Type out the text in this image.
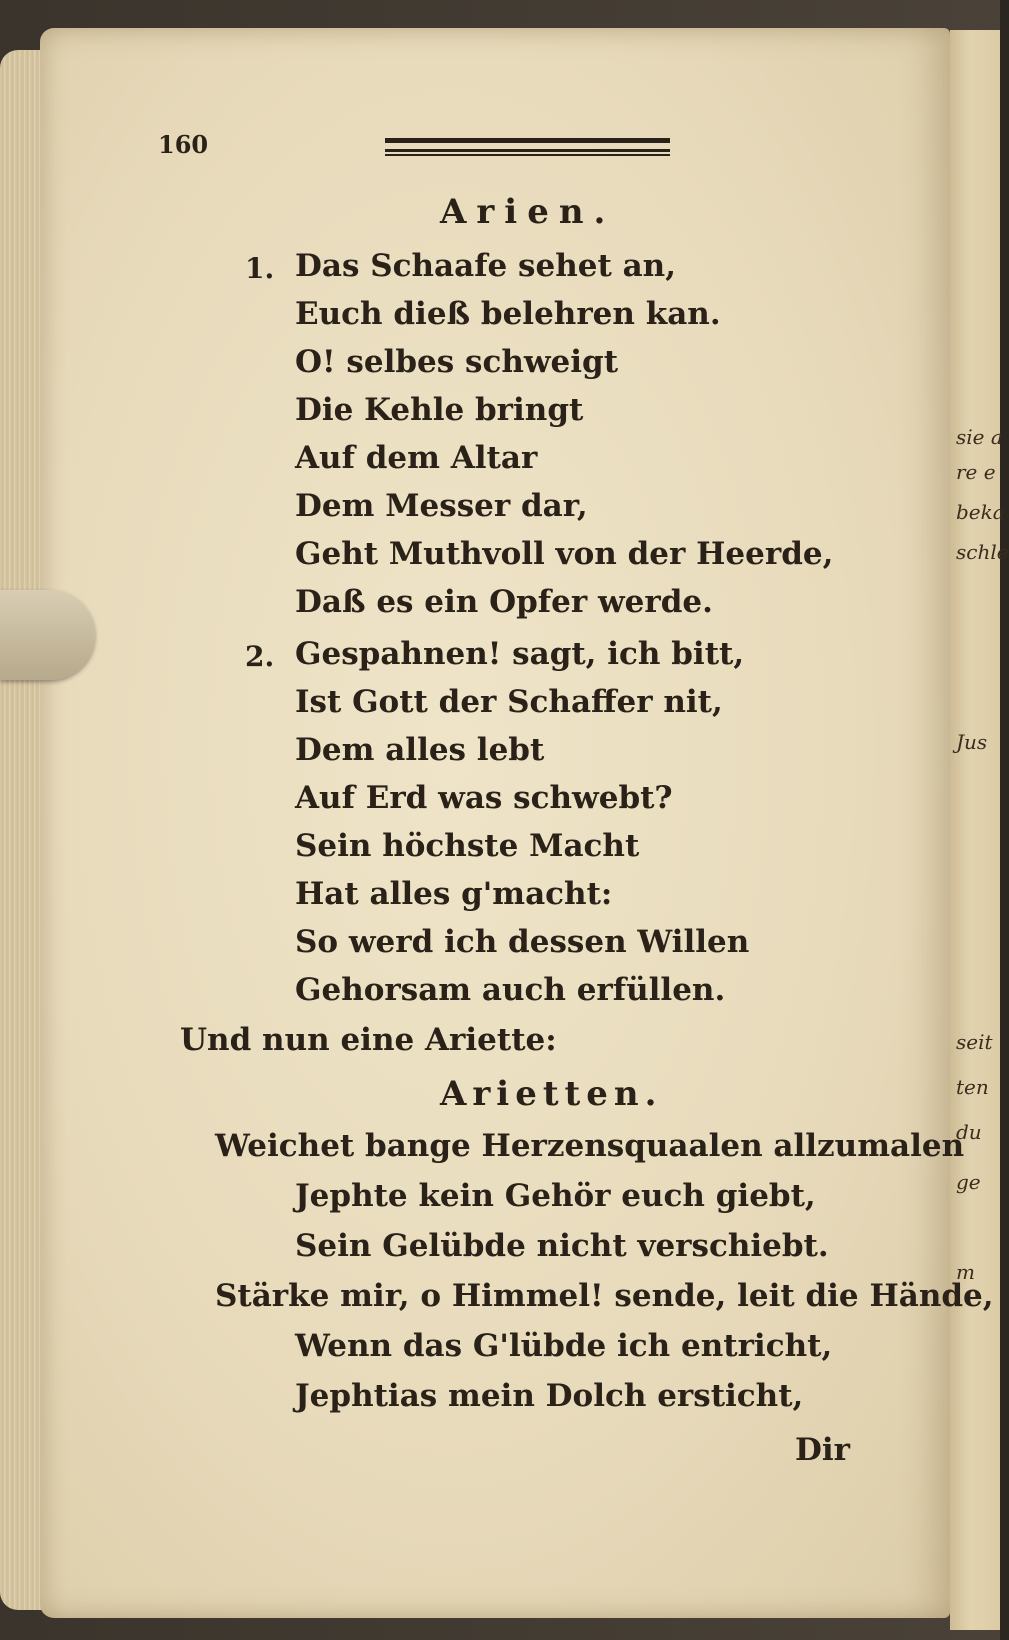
sie a
re e
beka
schle
Jus
seit
ten
du
ge
m
160
Arien.
1. Das Schaafe sehet an,
Euch dieß belehren kan.
O! selbes schweigt
Die Kehle bringt
Auf dem Altar
Dem Messer dar,
Geht Muthvoll von der Heerde,
Daß es ein Opfer werde.
2. Gespahnen! sagt, ich bitt,
Ist Gott der Schaffer nit,
Dem alles lebt
Auf Erd was schwebt?
Sein höchste Macht
Hat alles g'macht:
So werd ich dessen Willen
Gehorsam auch erfüllen.
Und nun eine Ariette:
Arietten.
Weichet bange Herzensquaalen allzumalen
Jephte kein Gehör euch giebt,
Sein Gelübde nicht verschiebt.
Stärke mir, o Himmel! sende, leit die Hände,
Wenn das G'lübde ich entricht,
Jephtias mein Dolch ersticht,
Dir
